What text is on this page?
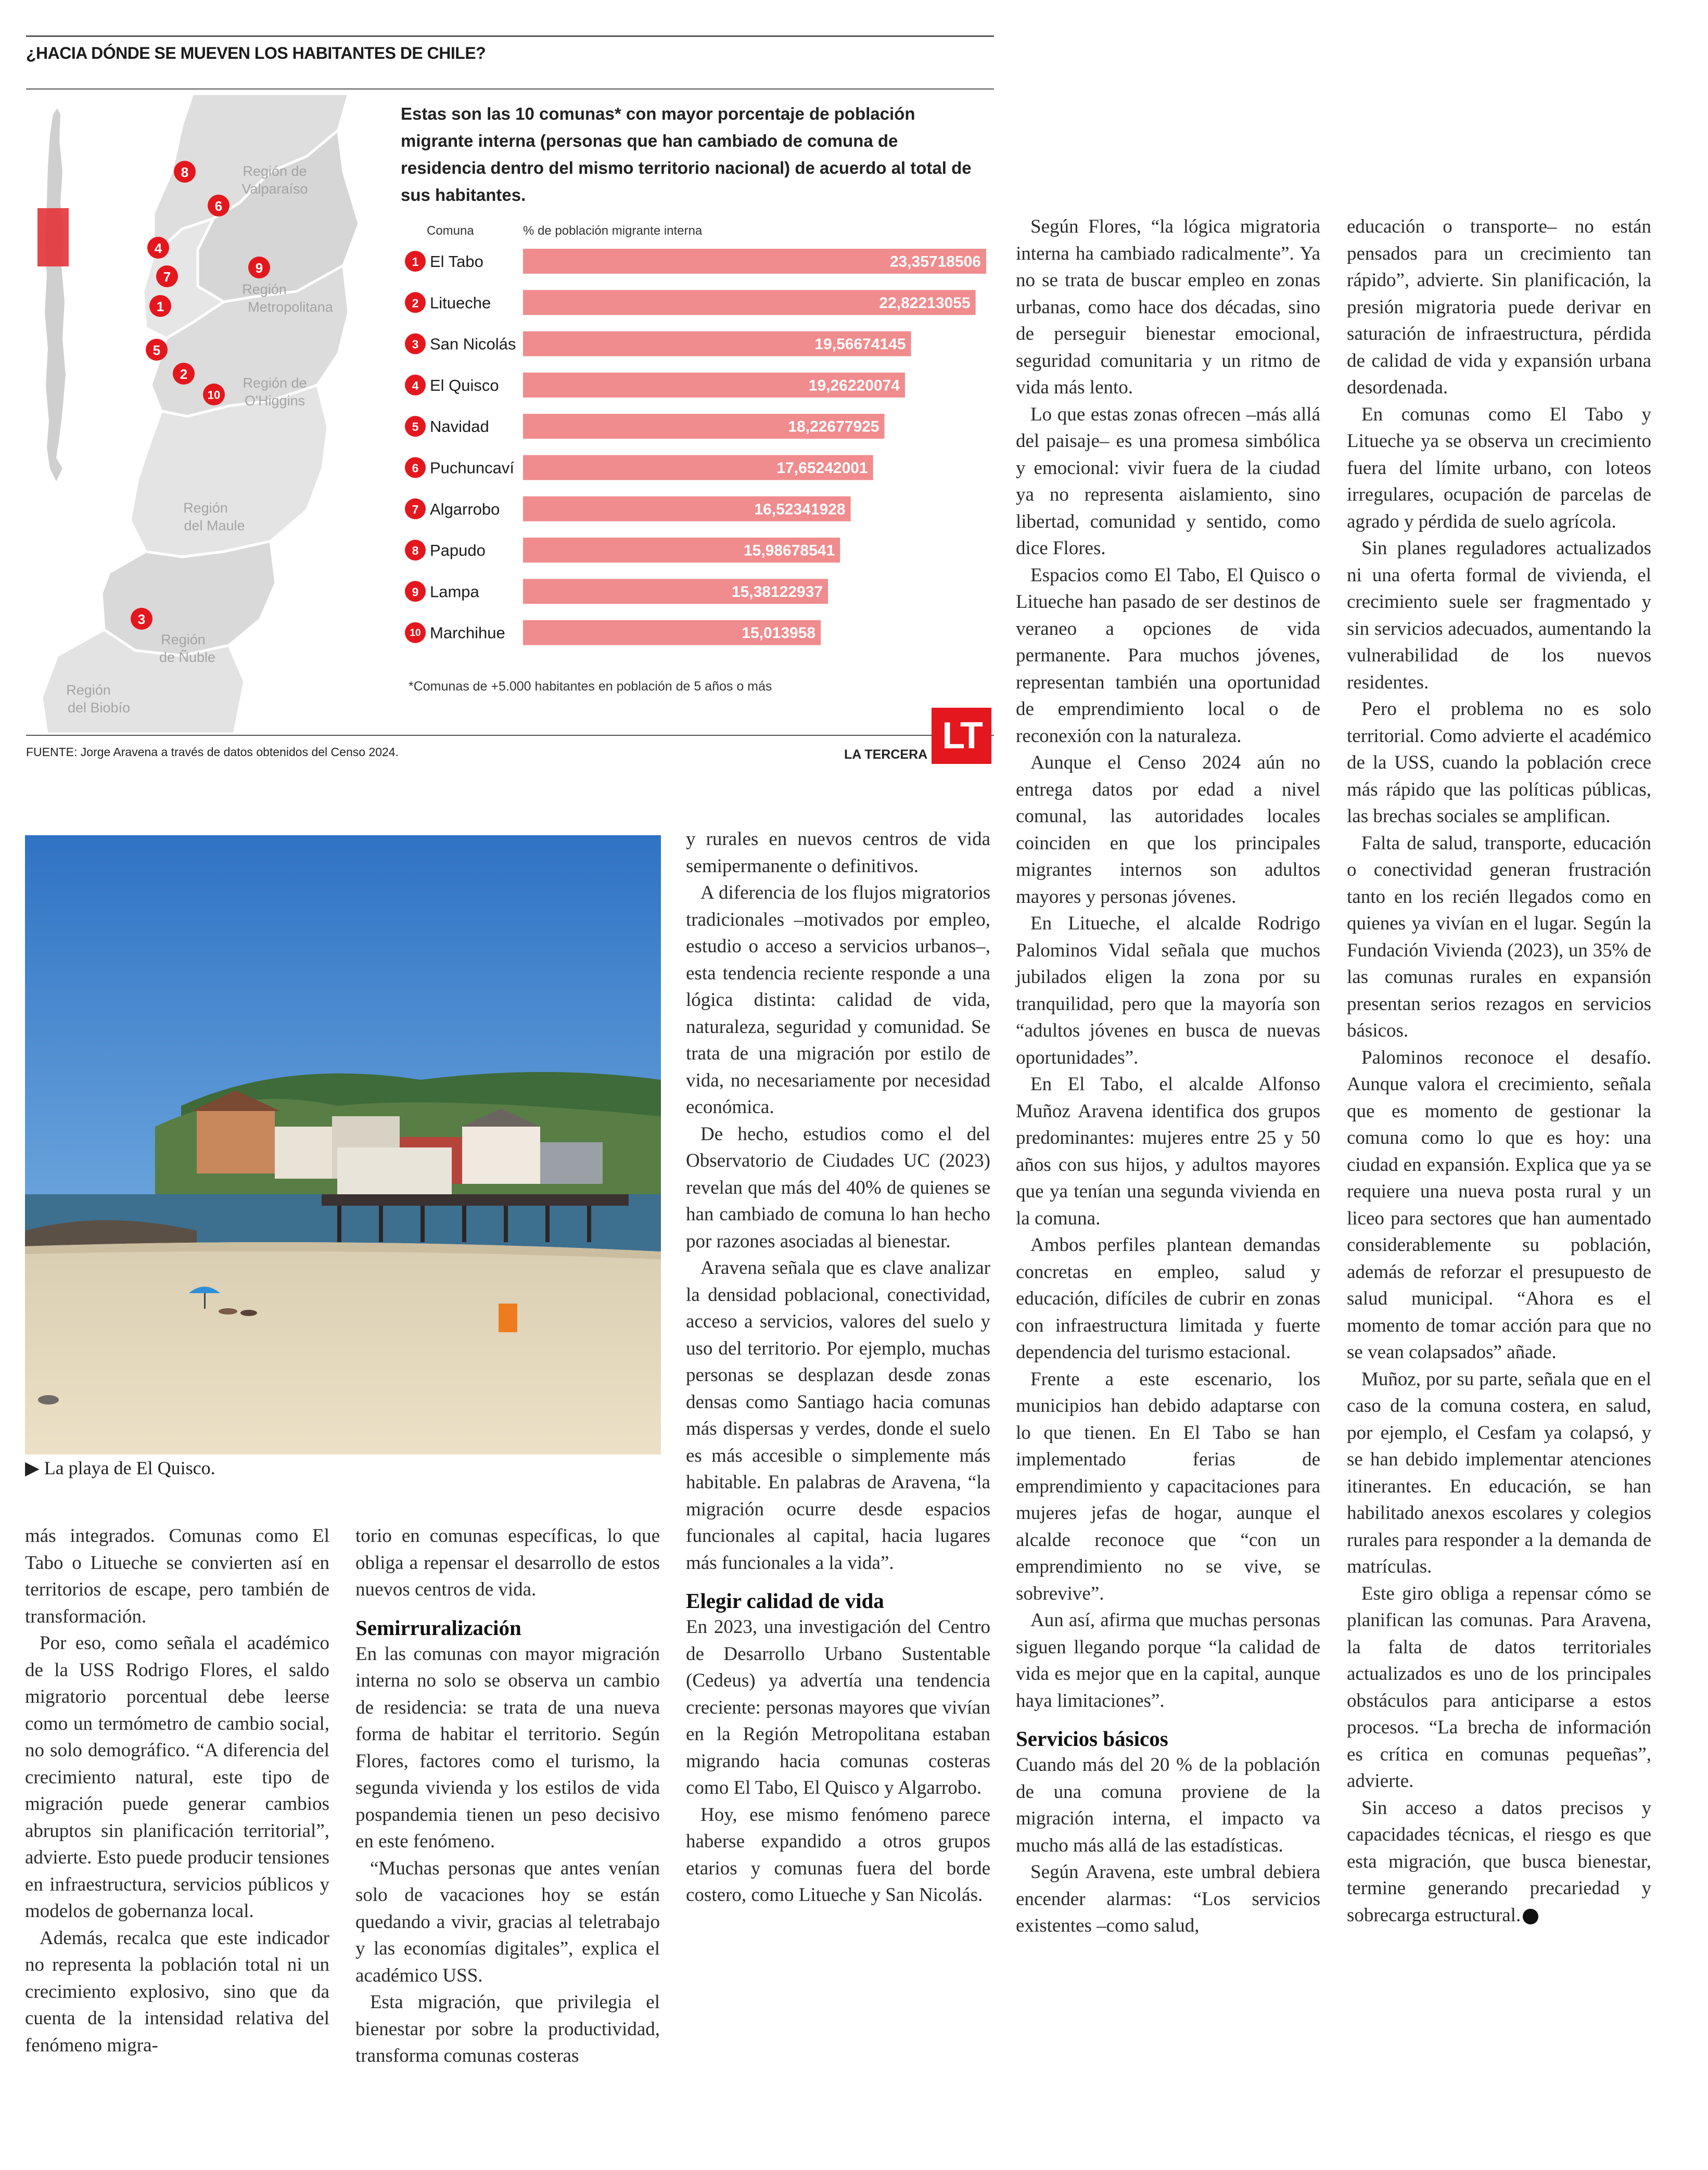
¿HACIA DÓNDE SE MUEVEN LOS HABITANTES DE CHILE?
Región de
Valparaíso
Región
Metropolitana
Región de
O'Higgins
Región
del Maule
Región
de Ñuble
Región
del Biobío
8
6
9
4
7
1
5
2
10
3
Estas son las 10 comunas* con mayor porcentaje de población migrante interna (personas que han cambiado de comuna de residencia dentro del mismo territorio nacional) de acuerdo al total de sus habitantes.
Comuna	% de población migrante interna
1 El Tabo	23,35718506
2 Litueche	22,82213055
3 San Nicolás	19,56674145
4 El Quisco	19,26220074
5 Navidad	18,22677925
6 Puchuncaví	17,65242001
7 Algarrobo	16,52341928
8 Papudo	15,98678541
9 Lampa	15,38122937
10 Marchihue	15,013958
*Comunas de +5.000 habitantes en población de 5 años o más
FUENTE: Jorge Aravena a través de datos obtenidos del Censo 2024.	LA TERCERA LT
▶ La playa de El Quisco.

más integrados. Comunas como El Tabo o Litueche se convierten así en territorios de escape, pero también de transformación.

Por eso, como señala el académico de la USS Rodrigo Flores, el saldo migratorio porcentual debe leerse como un termómetro de cambio social, no solo demográfico. “A diferencia del crecimiento natural, este tipo de migración puede generar cambios abruptos sin planificación territorial”, advierte. Esto puede producir tensiones en infraestructura, servicios públicos y modelos de gobernanza local.

Además, recalca que este indicador no representa la población total ni un crecimiento explosivo, sino que da cuenta de la intensidad relativa del fenómeno migra-

torio en comunas específicas, lo que obliga a repensar el desarrollo de estos nuevos centros de vida.

Semirruralización

En las comunas con mayor migración interna no solo se observa un cambio de residencia: se trata de una nueva forma de habitar el territorio. Según Flores, factores como el turismo, la segunda vivienda y los estilos de vida pospandemia tienen un peso decisivo en este fenómeno.

“Muchas personas que antes venían solo de vacaciones hoy se están quedando a vivir, gracias al teletrabajo y las economías digitales”, explica el académico USS.

Esta migración, que privilegia el bienestar por sobre la productividad, transforma comunas costeras

y rurales en nuevos centros de vida semipermanente o definitivos.

A diferencia de los flujos migratorios tradicionales –motivados por empleo, estudio o acceso a servicios urbanos–, esta tendencia reciente responde a una lógica distinta: calidad de vida, naturaleza, seguridad y comunidad. Se trata de una migración por estilo de vida, no necesariamente por necesidad económica.

De hecho, estudios como el del Observatorio de Ciudades UC (2023) revelan que más del 40% de quienes se han cambiado de comuna lo han hecho por razones asociadas al bienestar.

Aravena señala que es clave analizar la densidad poblacional, conectividad, acceso a servicios, valores del suelo y uso del territorio. Por ejemplo, muchas personas se desplazan desde zonas densas como Santiago hacia comunas más dispersas y verdes, donde el suelo es más accesible o simplemente más habitable. En palabras de Aravena, “la migración ocurre desde espacios funcionales al capital, hacia lugares más funcionales a la vida”.

Elegir calidad de vida

En 2023, una investigación del Centro de Desarrollo Urbano Sustentable (Cedeus) ya advertía una tendencia creciente: personas mayores que vivían en la Región Metropolitana estaban migrando hacia comunas costeras como El Tabo, El Quisco y Algarrobo.

Hoy, ese mismo fenómeno parece haberse expandido a otros grupos etarios y comunas fuera del borde costero, como Litueche y San Nicolás.

Según Flores, “la lógica migratoria interna ha cambiado radicalmente”. Ya no se trata de buscar empleo en zonas urbanas, como hace dos décadas, sino de perseguir bienestar emocional, seguridad comunitaria y un ritmo de vida más lento.

Lo que estas zonas ofrecen –más allá del paisaje– es una promesa simbólica y emocional: vivir fuera de la ciudad ya no representa aislamiento, sino libertad, comunidad y sentido, como dice Flores.

Espacios como El Tabo, El Quisco o Litueche han pasado de ser destinos de veraneo a opciones de vida permanente. Para muchos jóvenes, representan también una oportunidad de emprendimiento local o de reconexión con la naturaleza.

Aunque el Censo 2024 aún no entrega datos por edad a nivel comunal, las autoridades locales coinciden en que los principales migrantes internos son adultos mayores y personas jóvenes.

En Litueche, el alcalde Rodrigo Palominos Vidal señala que muchos jubilados eligen la zona por su tranquilidad, pero que la mayoría son “adultos jóvenes en busca de nuevas oportunidades”.

En El Tabo, el alcalde Alfonso Muñoz Aravena identifica dos grupos predominantes: mujeres entre 25 y 50 años con sus hijos, y adultos mayores que ya tenían una segunda vivienda en la comuna.

Ambos perfiles plantean demandas concretas en empleo, salud y educación, difíciles de cubrir en zonas con infraestructura limitada y fuerte dependencia del turismo estacional.

Frente a este escenario, los municipios han debido adaptarse con lo que tienen. En El Tabo se han implementado ferias de emprendimiento y capacitaciones para mujeres jefas de hogar, aunque el alcalde reconoce que “con un emprendimiento no se vive, se sobrevive”.

Aun así, afirma que muchas personas siguen llegando porque “la calidad de vida es mejor que en la capital, aunque haya limitaciones”.

Servicios básicos

Cuando más del 20 % de la población de una comuna proviene de la migración interna, el impacto va mucho más allá de las estadísticas.

Según Aravena, este umbral debiera encender alarmas: “Los servicios existentes –como salud,

educación o transporte– no están pensados para un crecimiento tan rápido”, advierte. Sin planificación, la presión migratoria puede derivar en saturación de infraestructura, pérdida de calidad de vida y expansión urbana desordenada.

En comunas como El Tabo y Litueche ya se observa un crecimiento fuera del límite urbano, con loteos irregulares, ocupación de parcelas de agrado y pérdida de suelo agrícola.

Sin planes reguladores actualizados ni una oferta formal de vivienda, el crecimiento suele ser fragmentado y sin servicios adecuados, aumentando la vulnerabilidad de los nuevos residentes.

Pero el problema no es solo territorial. Como advierte el académico de la USS, cuando la población crece más rápido que las políticas públicas, las brechas sociales se amplifican.

Falta de salud, transporte, educación o conectividad generan frustración tanto en los recién llegados como en quienes ya vivían en el lugar. Según la Fundación Vivienda (2023), un 35% de las comunas rurales en expansión presentan serios rezagos en servicios básicos.

Palominos reconoce el desafío. Aunque valora el crecimiento, señala que es momento de gestionar la comuna como lo que es hoy: una ciudad en expansión. Explica que ya se requiere una nueva posta rural y un liceo para sectores que han aumentado considerablemente su población, además de reforzar el presupuesto de salud municipal. “Ahora es el momento de tomar acción para que no se vean colapsados” añade.

Muñoz, por su parte, señala que en el caso de la comuna costera, en salud, por ejemplo, el Cesfam ya colapsó, y se han debido implementar atenciones itinerantes. En educación, se han habilitado anexos escolares y colegios rurales para responder a la demanda de matrículas.

Este giro obliga a repensar cómo se planifican las comunas. Para Aravena, la falta de datos territoriales actualizados es uno de los principales obstáculos para anticiparse a estos procesos. “La brecha de información es crítica en comunas pequeñas”, advierte.

Sin acceso a datos precisos y capacidades técnicas, el riesgo es que esta migración, que busca bienestar, termine generando precariedad y sobrecarga estructural.
